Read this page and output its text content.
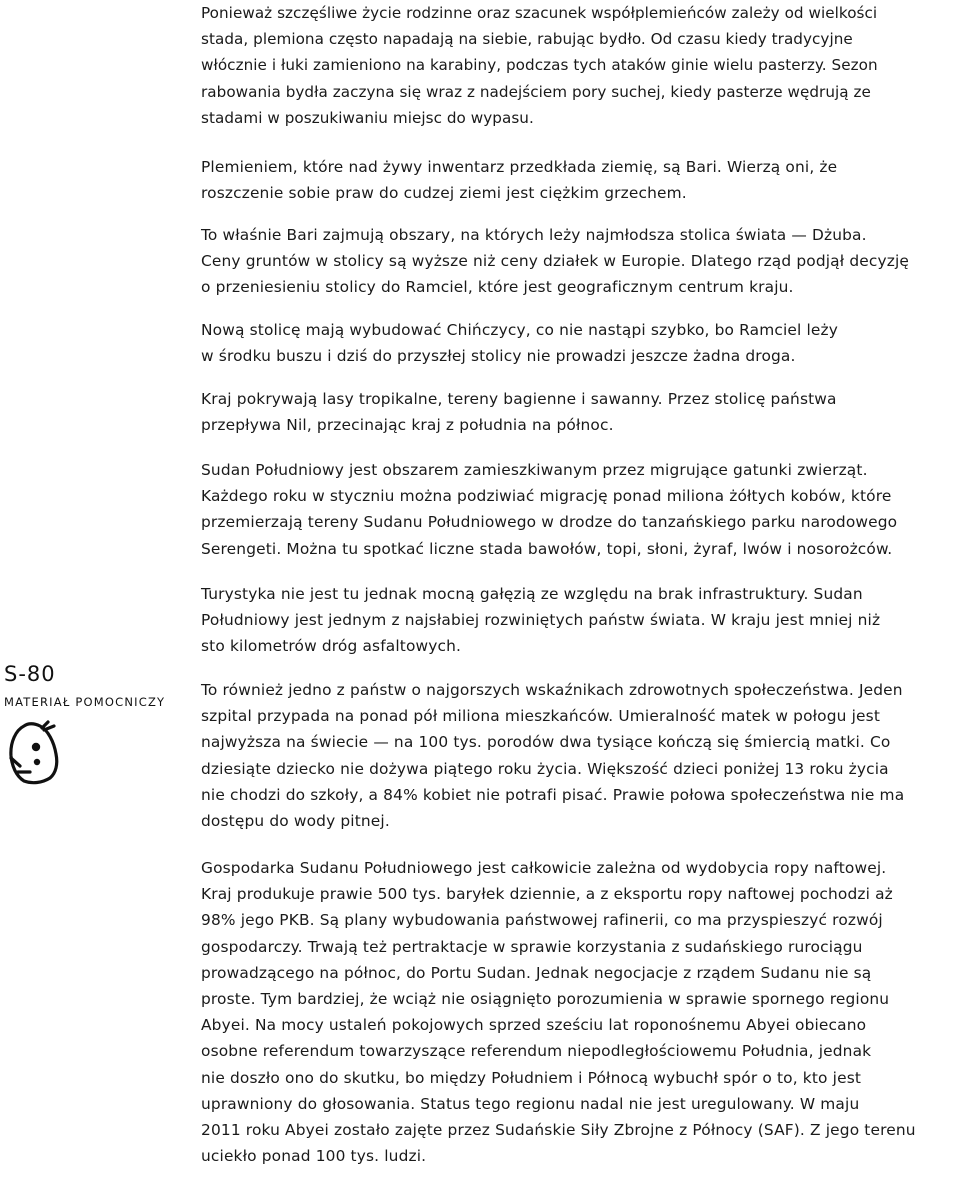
S-80
MATERIAŁ POMOCNICZY

Ponieważ szczęśliwe życie rodzinne oraz szacunek współplemieńców zależy od wielkości
stada, plemiona często napadają na siebie, rabując bydło. Od czasu kiedy tradycyjne
włócznie i łuki zamieniono na karabiny, podczas tych ataków ginie wielu pasterzy. Sezon
rabowania bydła zaczyna się wraz z nadejściem pory suchej, kiedy pasterze wędrują ze
stadami w poszukiwaniu miejsc do wypasu.

Plemieniem, które nad żywy inwentarz przedkłada ziemię, są Bari. Wierzą oni, że
roszczenie sobie praw do cudzej ziemi jest ciężkim grzechem.

To właśnie Bari zajmują obszary, na których leży najmłodsza stolica świata — Dżuba.
Ceny gruntów w stolicy są wyższe niż ceny działek w Europie. Dlatego rząd podjął decyzję
o przeniesieniu stolicy do Ramciel, które jest geograficznym centrum kraju.

Nową stolicę mają wybudować Chińczycy, co nie nastąpi szybko, bo Ramciel leży
w środku buszu i dziś do przyszłej stolicy nie prowadzi jeszcze żadna droga.

Kraj pokrywają lasy tropikalne, tereny bagienne i sawanny. Przez stolicę państwa
przepływa Nil, przecinając kraj z południa na północ.

Sudan Południowy jest obszarem zamieszkiwanym przez migrujące gatunki zwierząt.
Każdego roku w styczniu można podziwiać migrację ponad miliona żółtych kobów, które
przemierzają tereny Sudanu Południowego w drodze do tanzańskiego parku narodowego
Serengeti. Można tu spotkać liczne stada bawołów, topi, słoni, żyraf, lwów i nosorożców.

Turystyka nie jest tu jednak mocną gałęzią ze względu na brak infrastruktury. Sudan
Południowy jest jednym z najsłabiej rozwiniętych państw świata. W kraju jest mniej niż
sto kilometrów dróg asfaltowych.

To również jedno z państw o najgorszych wskaźnikach zdrowotnych społeczeństwa. Jeden
szpital przypada na ponad pół miliona mieszkańców. Umieralność matek w połogu jest
najwyższa na świecie — na 100 tys. porodów dwa tysiące kończą się śmiercią matki. Co
dziesiąte dziecko nie dożywa piątego roku życia. Większość dzieci poniżej 13 roku życia
nie chodzi do szkoły, a 84% kobiet nie potrafi pisać. Prawie połowa społeczeństwa nie ma
dostępu do wody pitnej.

Gospodarka Sudanu Południowego jest całkowicie zależna od wydobycia ropy naftowej.
Kraj produkuje prawie 500 tys. baryłek dziennie, a z eksportu ropy naftowej pochodzi aż
98% jego PKB. Są plany wybudowania państwowej rafinerii, co ma przyspieszyć rozwój
gospodarczy. Trwają też pertraktacje w sprawie korzystania z sudańskiego rurociągu
prowadzącego na północ, do Portu Sudan. Jednak negocjacje z rządem Sudanu nie są
proste. Tym bardziej, że wciąż nie osiągnięto porozumienia w sprawie spornego regionu
Abyei. Na mocy ustaleń pokojowych sprzed sześciu lat roponośnemu Abyei obiecano
osobne referendum towarzyszące referendum niepodległościowemu Południa, jednak
nie doszło ono do skutku, bo między Południem i Północą wybuchł spór o to, kto jest
uprawniony do głosowania. Status tego regionu nadal nie jest uregulowany. W maju
2011 roku Abyei zostało zajęte przez Sudańskie Siły Zbrojne z Północy (SAF). Z jego terenu
uciekło ponad 100 tys. ludzi.
